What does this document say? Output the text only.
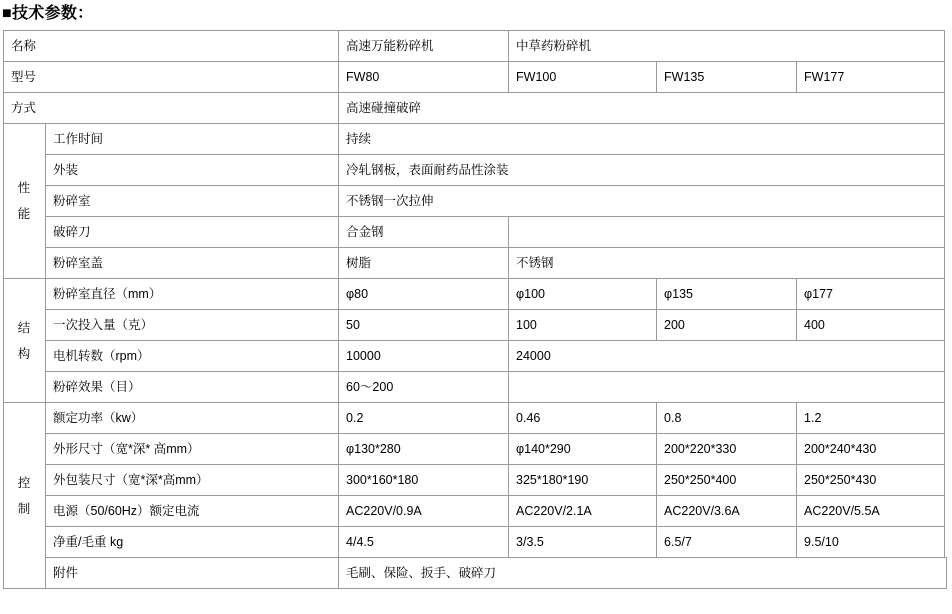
■技术参数：
名称		高速万能粉碎机	中草药粉碎机		
型号		FW80	FW100	FW135	FW177
方式		高速碰撞破碎			

性
能	工作时间	持续			
	外装	冷轧钢板，表面耐药品性涂装			
	粉碎室	不锈钢一次拉伸			
	破碎刀	合金钢			
	粉碎室盖	树脂	不锈钢		

结
构	粉碎室直径（mm）	φ80	φ100	φ135	φ177
	一次投入量（克）	50	100	200	400
	电机转数（rpm）	10000	24000		
	粉碎效果（目）	60～200			

控
制	额定功率（kw）	0.2	0.46	0.8	1.2
	外形尺寸（宽*深* 高mm）	φ130*280	φ140*290	200*220*330	200*240*430
	外包装尺寸（宽*深*高mm）	300*160*180	325*180*190	250*250*400	250*250*430
	电源（50/60Hz）额定电流	AC220V/0.9A	AC220V/2.1A	AC220V/3.6A	AC220V/5.5A
	净重/毛重 kg	4/4.5	3/3.5	6.5/7	9.5/10
	附件	毛刷、保险、扳手、破碎刀			
